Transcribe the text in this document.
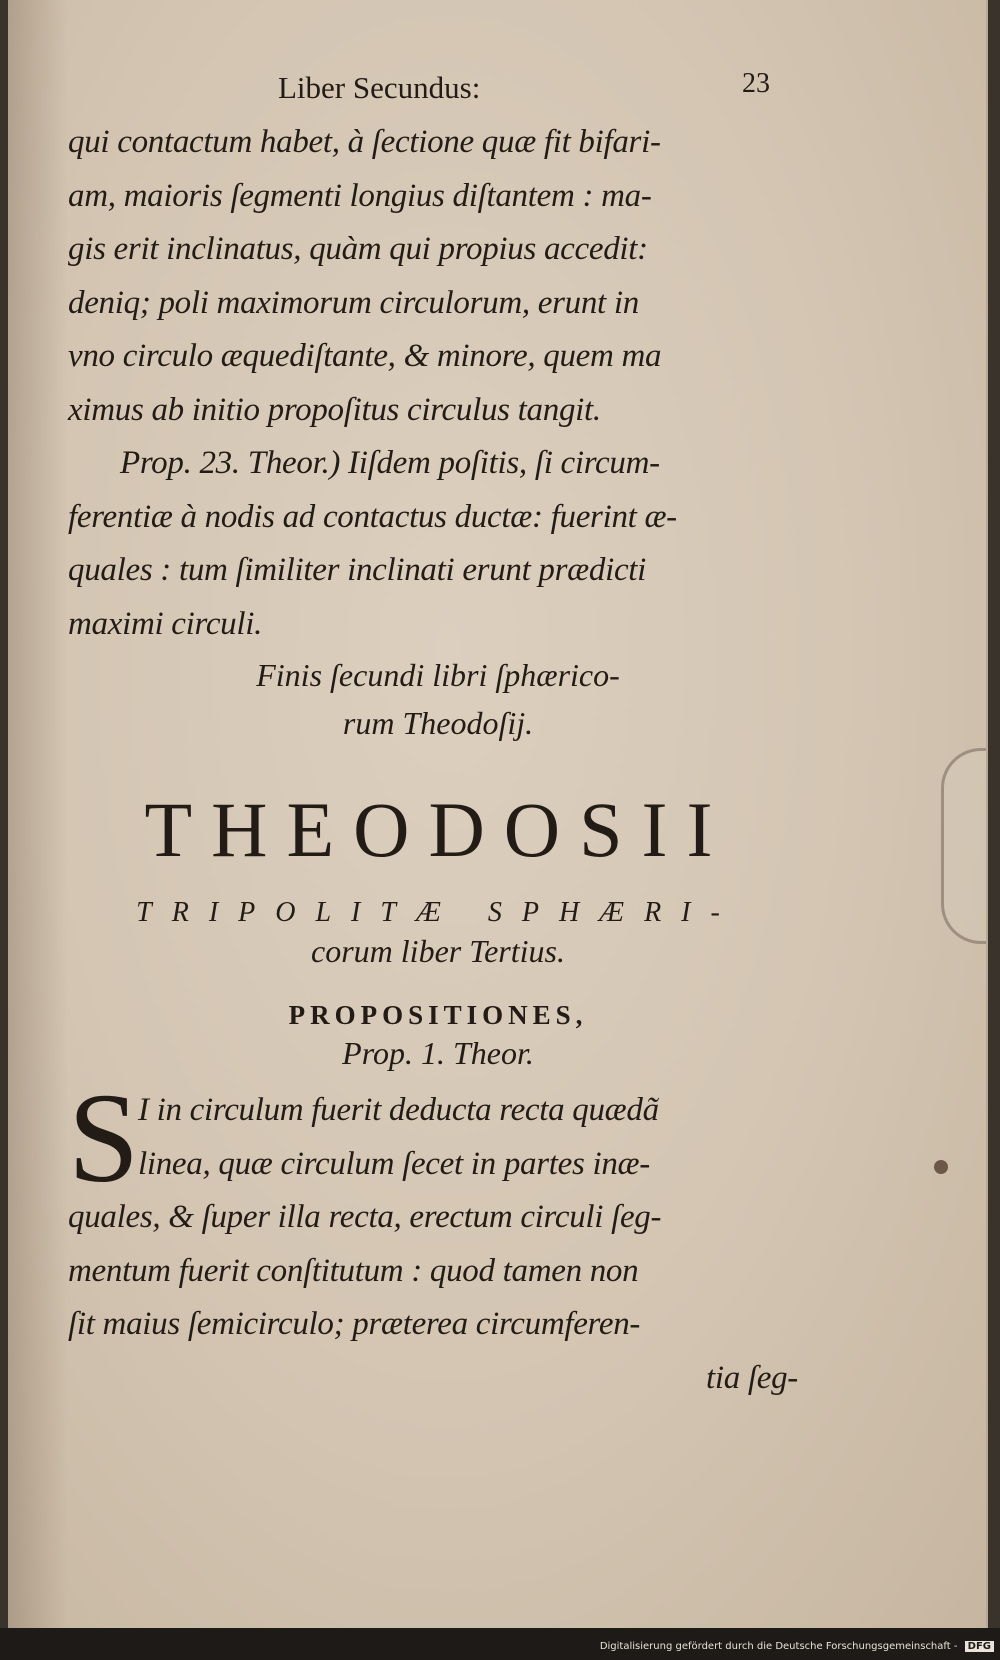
Liber Secundus:	23
qui contactum habet, à ſectione quæ fit bifari-
am, maioris ſegmenti longius diſtantem : ma-
gis erit inclinatus, quàm qui propius accedit:
deniq; poli maximorum circulorum, erunt in
vno circulo æquediſtante, & minore, quem ma
ximus ab initio propoſitus circulus tangit.
Prop. 23. Theor.) Iiſdem poſitis, ſi circum-
ferentiæ à nodis ad contactus ductæ: fuerint æ-
quales : tum ſimiliter inclinati erunt prædicti
maximi circuli.
Finis ſecundi libri ſphærico-
rum Theodoſij.
THEODOSII
TRIPOLITÆ SPHÆRI-
corum liber Tertius.
PROPOSITIONES,
Prop. 1. Theor.
S
I in circulum fuerit deducta recta quædã
linea, quæ circulum ſecet in partes inæ-
quales, & ſuper illa recta, erectum circuli ſeg-
mentum fuerit conſtitutum : quod tamen non
ſit maius ſemicirculo; præterea circumferen-
tia ſeg-
Digitalisierung gefördert durch die Deutsche Forschungsgemeinschaft - DFG
